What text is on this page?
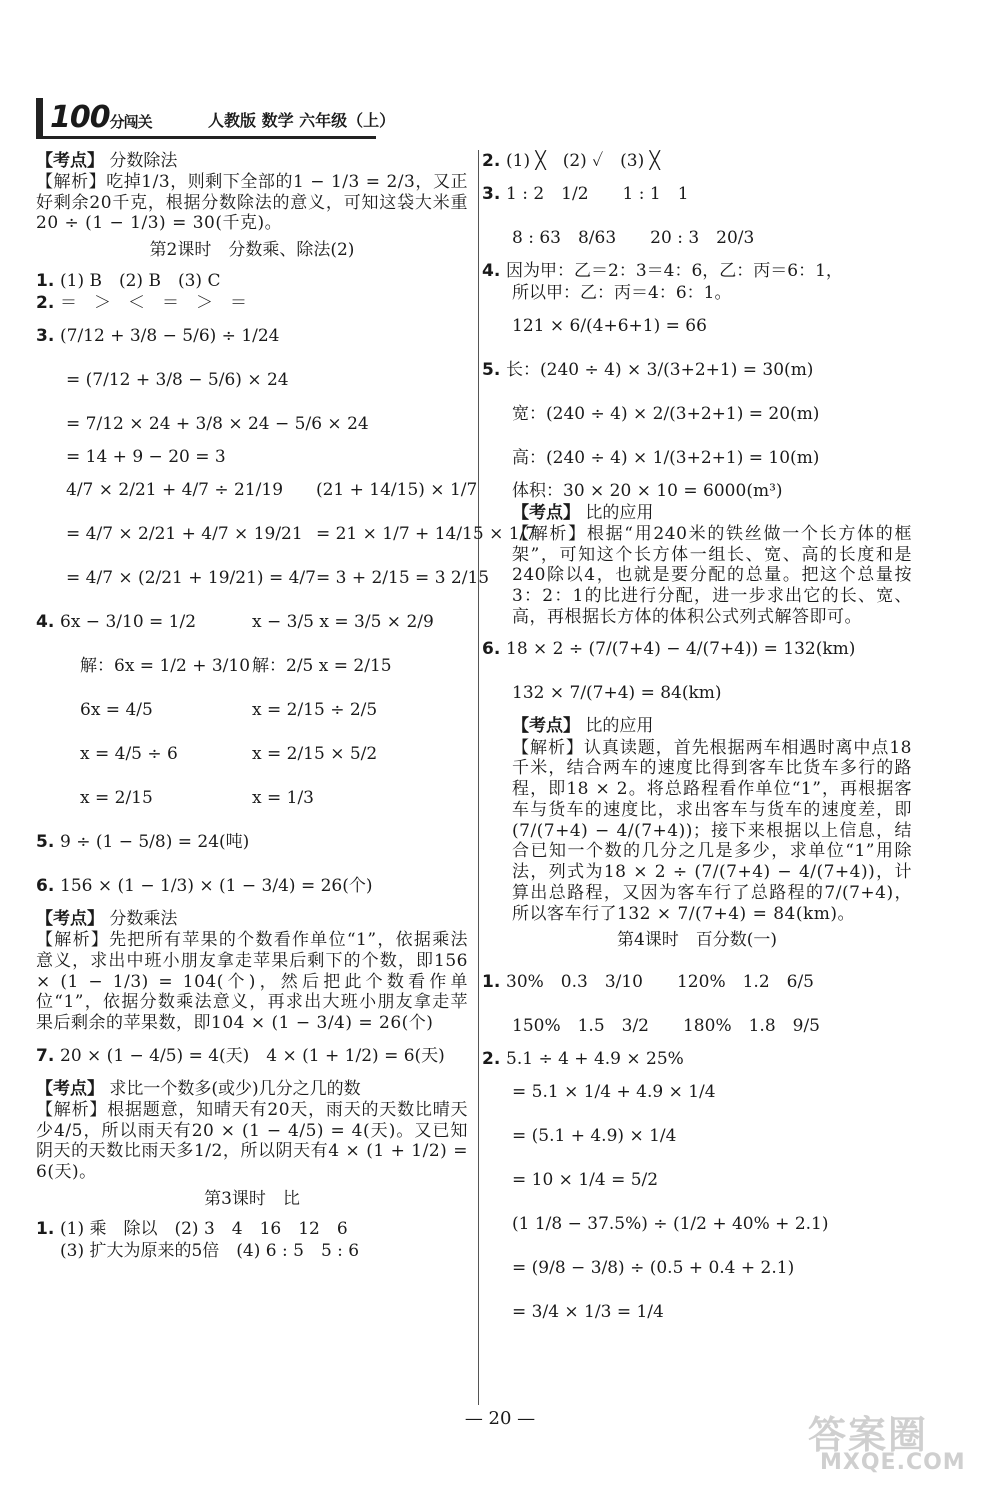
100分闯关	人教版 数学 六年级（上）
【考点】
分数除法
【解析】吃掉1/3，则剩下全部的1 − 1/3 = 2/3，又正好剩余20千克，根据分数除法的意义，可知这袋大米重20 ÷ (1 − 1/3) = 30(千克)。
第2课时　分数乘、除法(2)
1. (1) B　(2) B　(3) C
2. ＝　＞　＜　＝　＞　＝
3. (7/12 + 3/8 − 5/6) ÷ 1/24
= (7/12 + 3/8 − 5/6) × 24
= 7/12 × 24 + 3/8 × 24 − 5/6 × 24
= 14 + 9 − 20 = 3
4/7 × 2/21 + 4/7 ÷ 21/19
= 4/7 × 2/21 + 4/7 × 19/21
= 4/7 × (2/21 + 19/21) = 4/7
(21 + 14/15) × 1/7
= 21 × 1/7 + 14/15 × 1/7
= 3 + 2/15 = 3 2/15
4. 6x − 3/10 = 1/2
解：6x = 1/2 + 3/10
6x = 4/5
x = 4/5 ÷ 6
x = 2/15
x − 3/5 x = 3/5 × 2/9
解：2/5 x = 2/15
x = 2/15 ÷ 2/5
x = 2/15 × 5/2
x = 1/3
5. 9 ÷ (1 − 5/8) = 24(吨)
6. 156 × (1 − 1/3) × (1 − 3/4) = 26(个)
【考点】
分数乘法
【解析】先把所有苹果的个数看作单位“1”，依据乘法意义，求出中班小朋友拿走苹果后剩下的个数，即156 × (1 − 1/3) = 104(个)，然后把此个数看作单位“1”，依据分数乘法意义，再求出大班小朋友拿走苹果后剩余的苹果数，即104 × (1 − 3/4) = 26(个)
7. 20 × (1 − 4/5) = 4(天)　4 × (1 + 1/2) = 6(天)
【考点】
求比一个数多(或少)几分之几的数
【解析】根据题意，知晴天有20天，雨天的天数比晴天少4/5，所以雨天有20 × (1 − 4/5) = 4(天)。又已知阴天的天数比雨天多1/2，所以阴天有4 × (1 + 1/2) = 6(天)。
第3课时　比
1. (1) 乘　除以　(2) 3　4　16　12　6
(3) 扩大为原来的5倍　(4) 6 : 5　5 : 6
2. (1) ╳　(2) ✓　(3) ╳
3. 1 : 2　1/2　　1 : 1　1
8 : 63　8/63　　20 : 3　20/3
4. 因为甲：乙＝2：3＝4：6，乙：丙＝6：1，
所以甲：乙：丙＝4：6：1。
121 × 6/(4+6+1) = 66
5. 长：(240 ÷ 4) × 3/(3+2+1) = 30(m)
宽：(240 ÷ 4) × 2/(3+2+1) = 20(m)
高：(240 ÷ 4) × 1/(3+2+1) = 10(m)
体积：30 × 20 × 10 = 6000(m³)
【考点】
比的应用
【解析】根据“用240米的铁丝做一个长方体的框架”，可知这个长方体一组长、宽、高的长度和是240除以4，也就是要分配的总量。把这个总量按3：2：1的比进行分配，进一步求出它的长、宽、高，再根据长方体的体积公式列式解答即可。
6. 18 × 2 ÷ (7/(7+4) − 4/(7+4)) = 132(km)
132 × 7/(7+4) = 84(km)
【考点】
比的应用
【解析】认真读题，首先根据两车相遇时离中点18千米，结合两车的速度比得到客车比货车多行的路程，即18 × 2。将总路程看作单位“1”，再根据客车与货车的速度比，求出客车与货车的速度差，即(7/(7+4) − 4/(7+4))；接下来根据以上信息，结合已知一个数的几分之几是多少，求单位“1”用除法，列式为18 × 2 ÷ (7/(7+4) − 4/(7+4))，计算出总路程，又因为客车行了总路程的7/(7+4)，所以客车行了132 × 7/(7+4) = 84(km)。
第4课时　百分数(一)
1. 30%　0.3　3/10　　120%　1.2　6/5
150%　1.5　3/2　　180%　1.8　9/5
2. 5.1 ÷ 4 + 4.9 × 25%
= 5.1 × 1/4 + 4.9 × 1/4
= (5.1 + 4.9) × 1/4
= 10 × 1/4 = 5/2
(1 1/8 − 37.5%) ÷ (1/2 + 40% + 2.1)
= (9/8 − 3/8) ÷ (0.5 + 0.4 + 2.1)
= 3/4 × 1/3 = 1/4
— 20 —	答案圈
MXQE.COM
